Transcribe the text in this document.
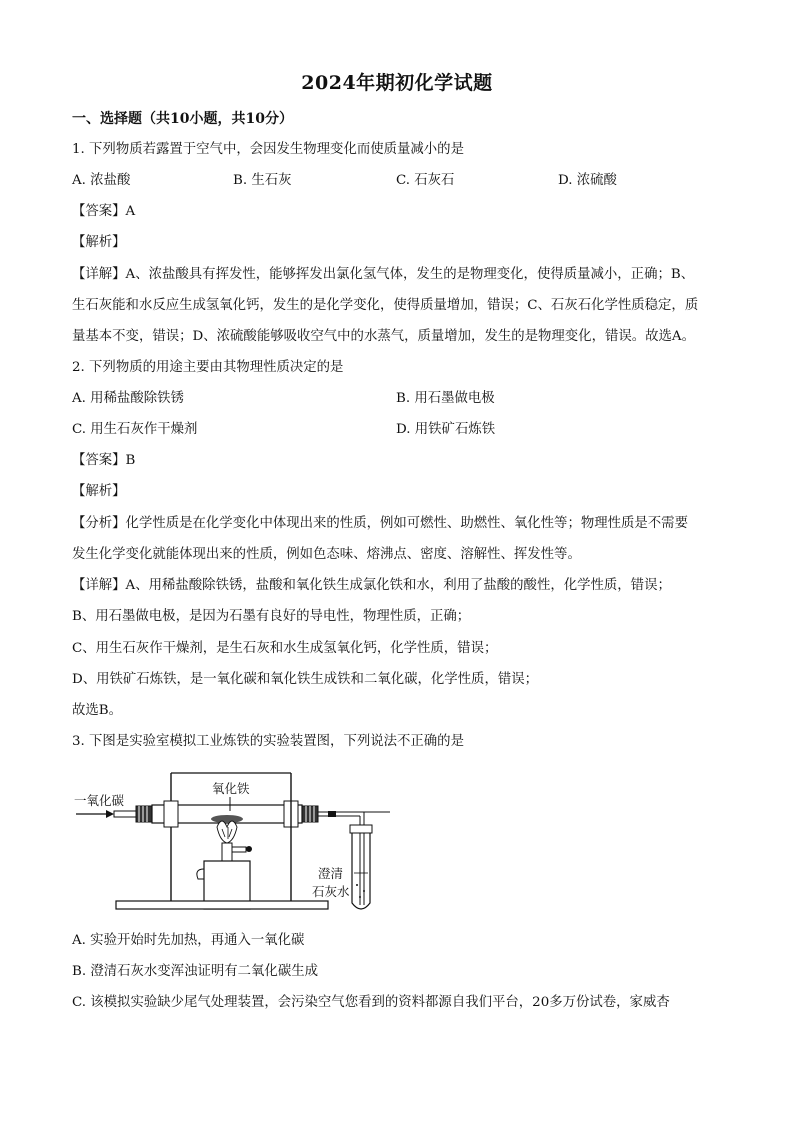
2024年期初化学试题
一、选择题（共10小题，共10分）
1. 下列物质若露置于空气中，会因发生物理变化而使质量减小的是
A. 浓盐酸	B. 生石灰	C. 石灰石	D. 浓硫酸
【答案】A
【解析】
【详解】A、浓盐酸具有挥发性，能够挥发出氯化氢气体，发生的是物理变化，使得质量减小，正确；B、
生石灰能和水反应生成氢氧化钙，发生的是化学变化，使得质量增加，错误；C、石灰石化学性质稳定，质
量基本不变，错误；D、浓硫酸能够吸收空气中的水蒸气，质量增加，发生的是物理变化，错误。故选A。
2. 下列物质的用途主要由其物理性质决定的是
A. 用稀盐酸除铁锈	B. 用石墨做电极
C. 用生石灰作干燥剂	D. 用铁矿石炼铁
【答案】B
【解析】
【分析】化学性质是在化学变化中体现出来的性质，例如可燃性、助燃性、氧化性等；物理性质是不需要
发生化学变化就能体现出来的性质，例如色态味、熔沸点、密度、溶解性、挥发性等。
【详解】A、用稀盐酸除铁锈，盐酸和氧化铁生成氯化铁和水，利用了盐酸的酸性，化学性质，错误；
B、用石墨做电极，是因为石墨有良好的导电性，物理性质，正确；
C、用生石灰作干燥剂，是生石灰和水生成氢氧化钙，化学性质，错误；
D、用铁矿石炼铁，是一氧化碳和氧化铁生成铁和二氧化碳，化学性质，错误；
故选B。
3. 下图是实验室模拟工业炼铁的实验装置图，下列说法不正确的是
一氧化碳
氧化铁
澄清
石灰水
A. 实验开始时先加热，再通入一氧化碳
B. 澄清石灰水变浑浊证明有二氧化碳生成
C. 该模拟实验缺少尾气处理装置，会污染空气您看到的资料都源自我们平台，20多万份试卷，家威杏
